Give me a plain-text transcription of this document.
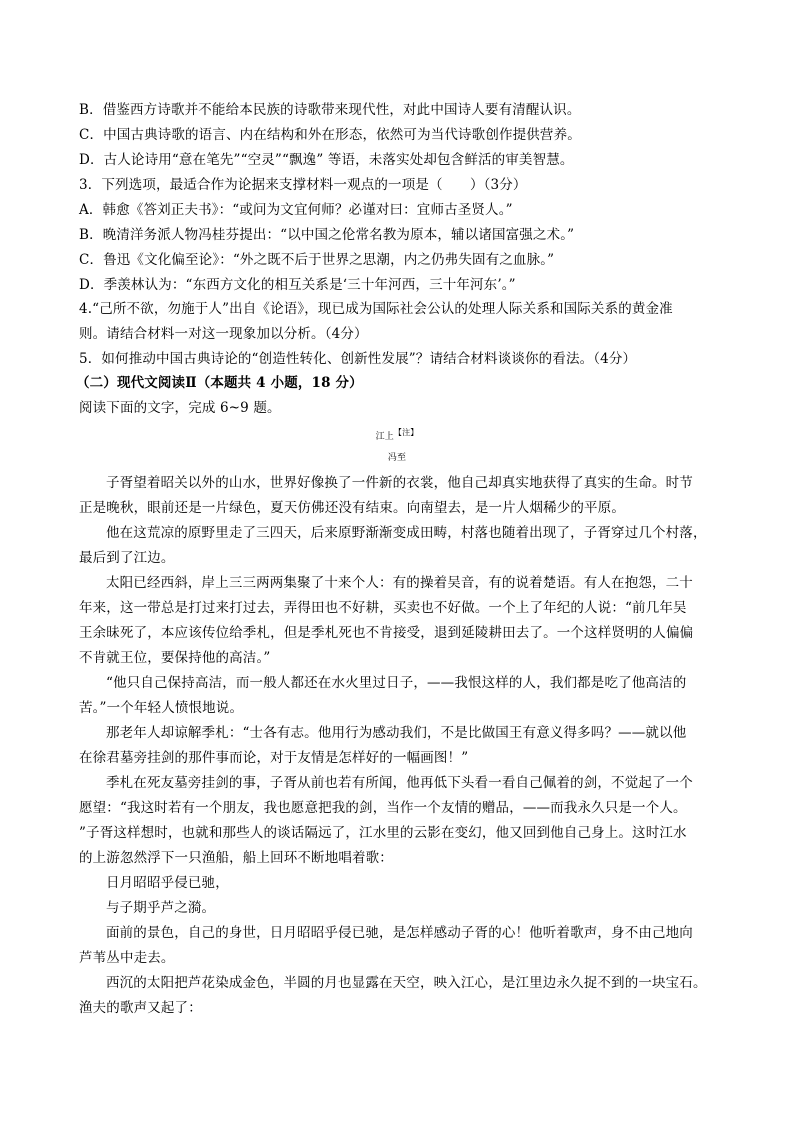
B．借鉴西方诗歌并不能给本民族的诗歌带来现代性，对此中国诗人要有清醒认识。
C．中国古典诗歌的语言、内在结构和外在形态，依然可为当代诗歌创作提供营养。
D．古人论诗用“意在笔先”“空灵”“飘逸” 等语，未落实处却包含鲜活的审美智慧。
3．下列选项，最适合作为论据来支撑材料一观点的一项是（　　）（3分）
A．韩愈《答刘正夫书》：“或问为文宜何师？必谨对曰：宜师古圣贤人。”
B．晚清洋务派人物冯桂芬提出：“以中国之伦常名教为原本，辅以诸国富强之术。”
C．鲁迅《文化偏至论》：“外之既不后于世界之思潮，内之仍弗失固有之血脉。”
D．季羡林认为：“东西方文化的相互关系是‘三十年河西，三十年河东’。”
4.“己所不欲，勿施于人”出自《论语》，现已成为国际社会公认的处理人际关系和国际关系的黄金准
则。请结合材料一对这一现象加以分析。（4分）
5．如何推动中国古典诗论的“创造性转化、创新性发展”？请结合材料谈谈你的看法。（4分）
（二）现代文阅读Ⅱ（本题共 4 小题，18 分）
阅读下面的文字，完成 6~9 题。
江上【注】
冯至
子胥望着昭关以外的山水，世界好像换了一件新的衣裳，他自己却真实地获得了真实的生命。时节
正是晚秋，眼前还是一片绿色，夏天仿佛还没有结束。向南望去，是一片人烟稀少的平原。
他在这荒凉的原野里走了三四天，后来原野渐渐变成田畴，村落也随着出现了，子胥穿过几个村落，
最后到了江边。
太阳已经西斜，岸上三三两两集聚了十来个人：有的操着吴音，有的说着楚语。有人在抱怨，二十
年来，这一带总是打过来打过去，弄得田也不好耕，买卖也不好做。一个上了年纪的人说：“前几年吴
王余昧死了，本应该传位给季札，但是季札死也不肯接受，退到延陵耕田去了。一个这样贤明的人偏偏
不肯就王位，要保持他的高洁。”
“他只自己保持高洁，而一般人都还在水火里过日子，——我恨这样的人，我们都是吃了他高洁的
苦。”一个年轻人愤恨地说。
那老年人却谅解季札：“士各有志。他用行为感动我们，不是比做国王有意义得多吗？——就以他
在徐君墓旁挂剑的那件事而论，对于友情是怎样好的一幅画图！”
季札在死友墓旁挂剑的事，子胥从前也若有所闻，他再低下头看一看自己佩着的剑，不觉起了一个
愿望：“我这时若有一个朋友，我也愿意把我的剑，当作一个友情的赠品，——而我永久只是一个人。
”子胥这样想时，也就和那些人的谈话隔远了，江水里的云影在变幻，他又回到他自己身上。这时江水
的上游忽然浮下一只渔船，船上回环不断地唱着歌：
日月昭昭乎侵已驰，
与子期乎芦之漪。
面前的景色，自己的身世，日月昭昭乎侵已驰，是怎样感动子胥的心！他听着歌声，身不由己地向
芦苇丛中走去。
西沉的太阳把芦花染成金色，半圆的月也显露在天空，映入江心，是江里边永久捉不到的一块宝石。
渔夫的歌声又起了：
